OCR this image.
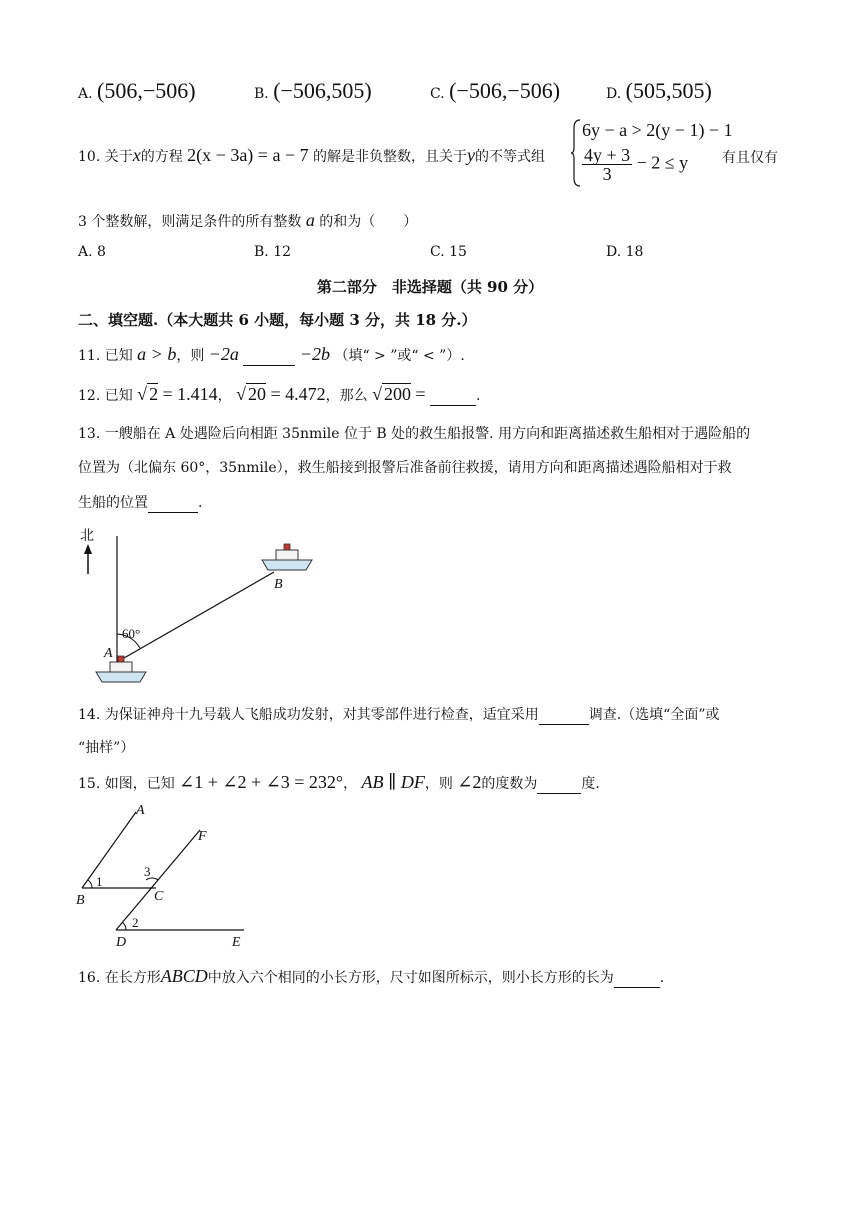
A. (506,−506)	B. (−506,505)	C. (−506,−506)	D. (505,505)
10. 关于x的方程 2(x − 3a) = a − 7 的解是非负整数，且关于y的不等式组
6y − a > 2(y − 1) − 1
$\frac{4y + 3}{3} - 2 \le y$ 有且仅有
3 个整数解，则满足条件的所有整数 a 的和为（　　）
A. 8	B. 12	C. 15	D. 18
第二部分　非选择题（共 90 分）
二、填空题.（本大题共 6 小题，每小题 3 分，共 18 分.）
11. 已知 a > b，则 −2a	−2b （填“ > ”或“ < ”）.
12. 已知 √ 2 = 1.414， √ 20 = 4.472，那么 √ 200 =	.
13. 一艘船在 A 处遇险后向相距 35nmile 位于 B 处的救生船报警. 用方向和距离描述救生船相对于遇险船的
位置为（北偏东 60°，35nmile），救生船接到报警后准备前往救援，请用方向和距离描述遇险船相对于救
生船的位置	.
北
60°
A
B
14. 为保证神舟十九号载人飞船成功发射，对其零部件进行检查，适宜采用	调查.（选填“全面”或
“抽样”）
15. 如图，已知 ∠1 + ∠2 + ∠3 = 232°， AB ∥ DF，则 ∠2的度数为	度.
A
B	C
D	E
F
1
3
2
16. 在长方形ABCD中放入六个相同的小长方形，尺寸如图所标示，则小长方形的长为	.
